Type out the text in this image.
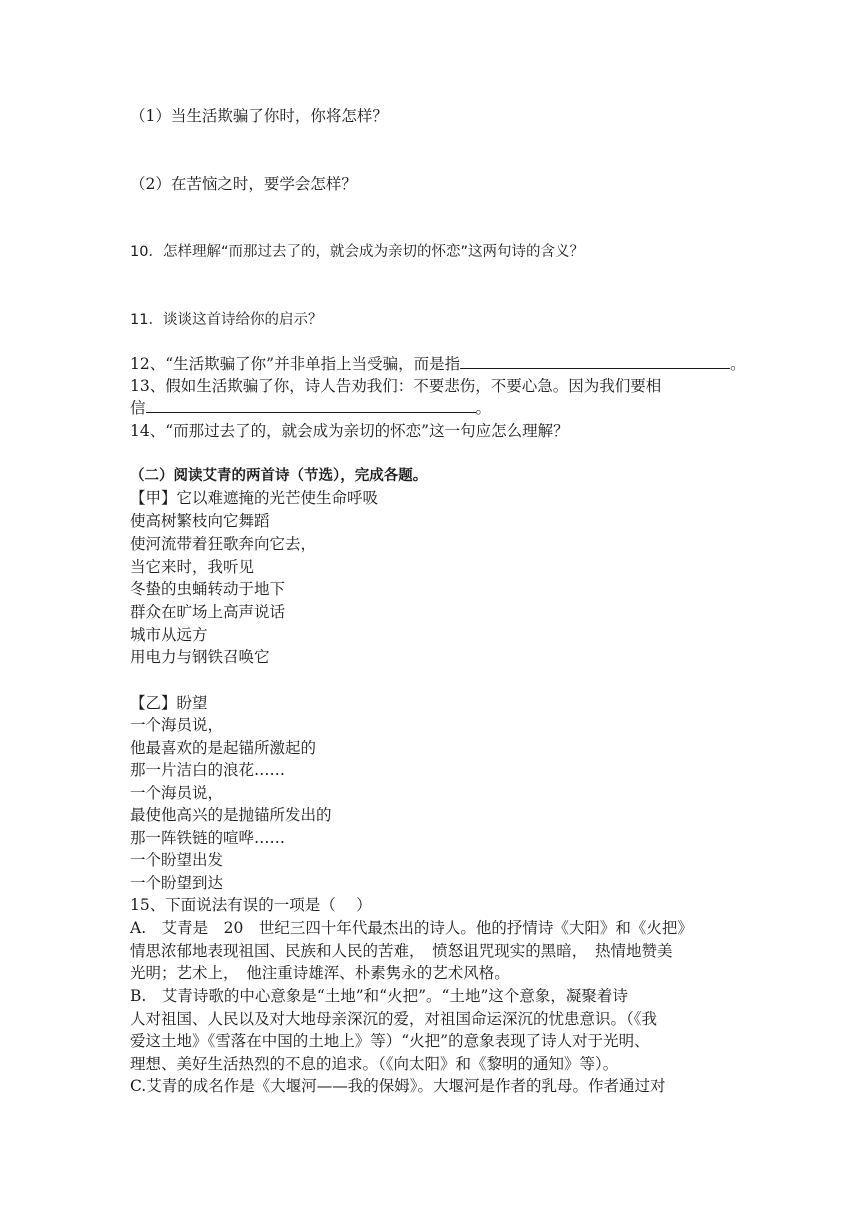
（1）当生活欺骗了你时，你将怎样？
（2）在苦恼之时，要学会怎样？
10．怎样理解“而那过去了的，就会成为亲切的怀恋”这两句诗的含义？
11．谈谈这首诗给你的启示？
12、“生活欺骗了你”并非单指上当受骗，而是指	。
13、假如生活欺骗了你，诗人告劝我们：不要悲伤，不要心急。因为我们要相
信	。
14、“而那过去了的，就会成为亲切的怀恋”这一句应怎么理解？
（二）阅读艾青的两首诗（节选），完成各题。
【甲】它以难遮掩的光芒使生命呼吸
使高树繁枝向它舞蹈
使河流带着狂歌奔向它去，
当它来时，我听见
冬蛰的虫蛹转动于地下
群众在旷场上高声说话
城市从远方
用电力与钢铁召唤它
【乙】盼望
一个海员说，
他最喜欢的是起锚所激起的
那一片洁白的浪花……
一个海员说，
最使他高兴的是抛锚所发出的
那一阵铁链的喧哗……
一个盼望出发
一个盼望到达
15、下面说法有误的一项是（　 ）
A.　艾青是　20　世纪三四十年代最杰出的诗人。他的抒情诗《大阳》和《火把》
情思浓郁地表现祖国、民族和人民的苦难，　愤怒诅咒现实的黑暗，　热情地赞美
光明；艺术上，　他注重诗雄浑、朴素隽永的艺术风格。
B.　艾青诗歌的中心意象是“土地”和“火把”。“土地”这个意象，凝聚着诗
人对祖国、人民以及对大地母亲深沉的爱，对祖国命运深沉的忧患意识。（《我
爱这土地》《雪落在中国的土地上》等）“火把”的意象表现了诗人对于光明、
理想、美好生活热烈的不息的追求。（《向太阳》和《黎明的通知》等）。
C.艾青的成名作是《大堰河——我的保姆》。大堰河是作者的乳母。作者通过对
